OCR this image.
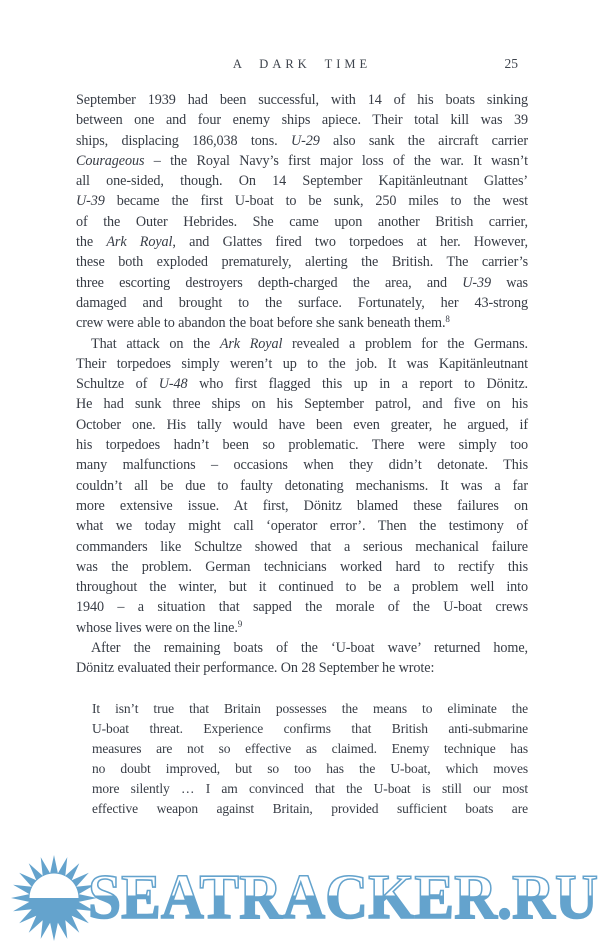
A DARK TIME	25
September 1939 had been successful, with 14 of his boats sinking
between one and four enemy ships apiece. Their total kill was 39
ships, displacing 186,038 tons. U-29 also sank the aircraft carrier
Courageous – the Royal Navy’s first major loss of the war. It wasn’t
all one-sided, though. On 14 September Kapitänleutnant Glattes’
U-39 became the first U-boat to be sunk, 250 miles to the west
of the Outer Hebrides. She came upon another British carrier,
the Ark Royal, and Glattes fired two torpedoes at her. However,
these both exploded prematurely, alerting the British. The carrier’s
three escorting destroyers depth-charged the area, and U-39 was
damaged and brought to the surface. Fortunately, her 43-strong
crew were able to abandon the boat before she sank beneath them.$^8$
That attack on the Ark Royal revealed a problem for the Germans.
Their torpedoes simply weren’t up to the job. It was Kapitänleutnant
Schultze of U-48 who first flagged this up in a report to Dönitz.
He had sunk three ships on his September patrol, and five on his
October one. His tally would have been even greater, he argued, if
his torpedoes hadn’t been so problematic. There were simply too
many malfunctions – occasions when they didn’t detonate. This
couldn’t all be due to faulty detonating mechanisms. It was a far
more extensive issue. At first, Dönitz blamed these failures on
what we today might call ‘operator error’. Then the testimony of
commanders like Schultze showed that a serious mechanical failure
was the problem. German technicians worked hard to rectify this
throughout the winter, but it continued to be a problem well into
1940 – a situation that sapped the morale of the U-boat crews
whose lives were on the line.$^9$
After the remaining boats of the ‘U-boat wave’ returned home,
Dönitz evaluated their performance. On 28 September he wrote:
It isn’t true that Britain possesses the means to eliminate the
U-boat threat. Experience confirms that British anti-submarine
measures are not so effective as claimed. Enemy technique has
no doubt improved, but so too has the U-boat, which moves
more silently … I am convinced that the U-boat is still our most
effective weapon against Britain, provided sufficient boats are
SEATRACKER.RU
